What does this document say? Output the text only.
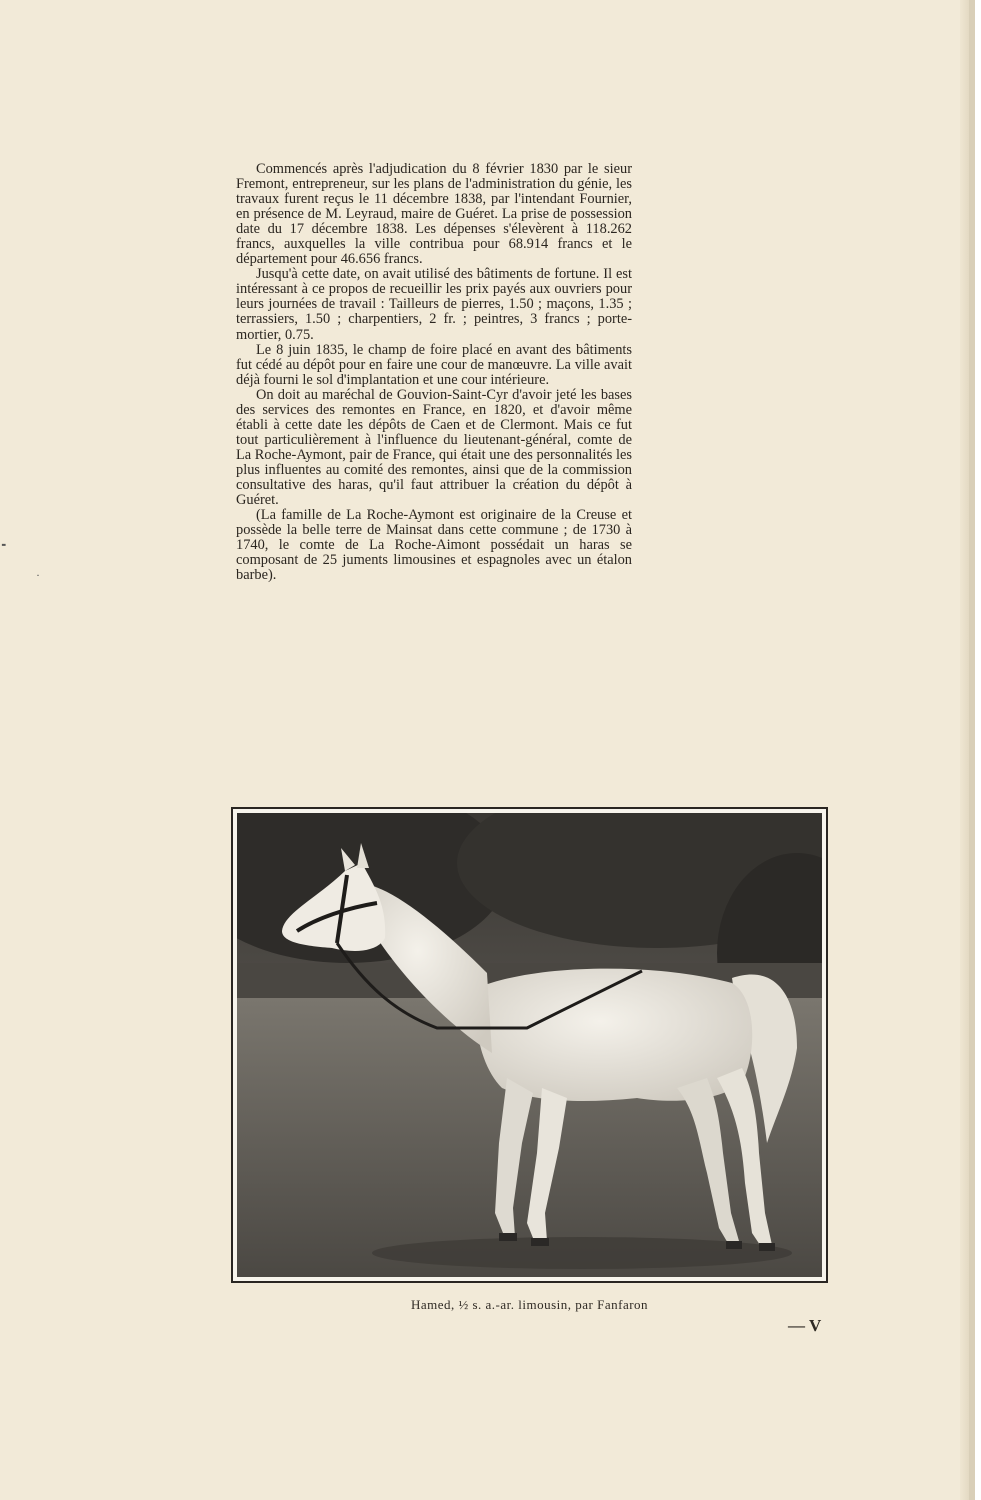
Commencés après l'adjudication du 8 février 1830 par le sieur Fremont, entrepreneur, sur les plans de l'administration du génie, les travaux furent reçus le 11 décembre 1838, par l'intendant Fournier, en présence de M. Leyraud, maire de Guéret. La prise de possession date du 17 décembre 1838. Les dépenses s'élevèrent à 118.262 francs, auxquelles la ville contribua pour 68.914 francs et le département pour 46.656 francs.

Jusqu'à cette date, on avait utilisé des bâtiments de fortune. Il est intéressant à ce propos de recueillir les prix payés aux ouvriers pour leurs journées de travail : Tailleurs de pierres, 1.50 ; maçons, 1.35 ; terrassiers, 1.50 ; charpentiers, 2 fr. ; peintres, 3 francs ; porte-mortier, 0.75.

Le 8 juin 1835, le champ de foire placé en avant des bâtiments fut cédé au dépôt pour en faire une cour de manœuvre. La ville avait déjà fourni le sol d'implantation et une cour intérieure.

On doit au maréchal de Gouvion-Saint-Cyr d'avoir jeté les bases des services des remontes en France, en 1820, et d'avoir même établi à cette date les dépôts de Caen et de Clermont. Mais ce fut tout particulièrement à l'influence du lieutenant-général, comte de La Roche-Aymont, pair de France, qui était une des personnalités les plus influentes au comité des remontes, ainsi que de la commission consultative des haras, qu'il faut attribuer la création du dépôt à Guéret.

(La famille de La Roche-Aymont est originaire de la Creuse et possède la belle terre de Mainsat dans cette commune ; de 1730 à 1740, le comte de La Roche-Aimont possédait un haras se composant de 25 juments limousines et espagnoles avec un étalon barbe).

Hamed, ½ s. a.-ar. limousin, par Fanfaron
— V
╸
·
